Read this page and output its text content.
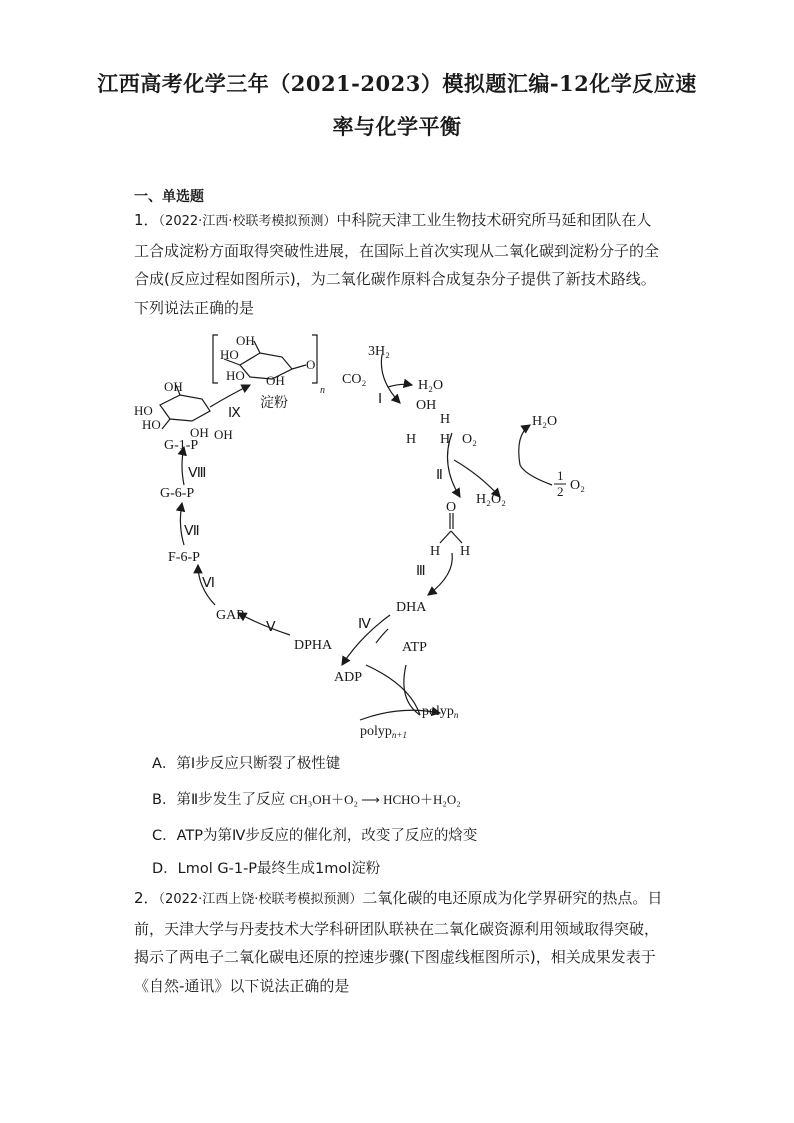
江西高考化学三年（2021-2023）模拟题汇编-12化学反应速
率与化学平衡
一、单选题
1．（2022·江西·校联考模拟预测）中科院天津工业生物技术研究所马延和团队在人工合成淀粉方面取得突破性进展，在国际上首次实现从二氧化碳到淀粉分子的全合成(反应过程如图所示)，为二氧化碳作原料合成复杂分子提供了新技术路线。下列说法正确的是
OH
HO
HO OH
O
n
淀粉
OH
HO
HO
OH OH
Ⅸ
Ⅰ
Ⅱ
Ⅲ
Ⅳ
Ⅴ
Ⅵ
Ⅶ
Ⅷ
3H₂
CO₂	H₂O
OH
H
H H O₂
H₂O
H₂O₂
1
2 O₂
O
H H
DHA
ATP
DPHA
ADP
GAP
F-6-P
G-6-P
G-1-P
polyp$_n$
polyp$_{n+1}$
A．第Ⅰ步反应只断裂了极性键
B．第Ⅱ步发生了反应 CH₃OH＋O₂ ⟶ HCHO＋H₂O₂
C．ATP为第Ⅳ步反应的催化剂，改变了反应的焓变
D．Lmol G-1-P最终生成1mol淀粉
2．（2022·江西上饶·校联考模拟预测）二氧化碳的电还原成为化学界研究的热点。日前，天津大学与丹麦技术大学科研团队联袂在二氧化碳资源利用领域取得突破，揭示了两电子二氧化碳电还原的控速步骤(下图虚线框图所示)，相关成果发表于《自然-通讯》以下说法正确的是
